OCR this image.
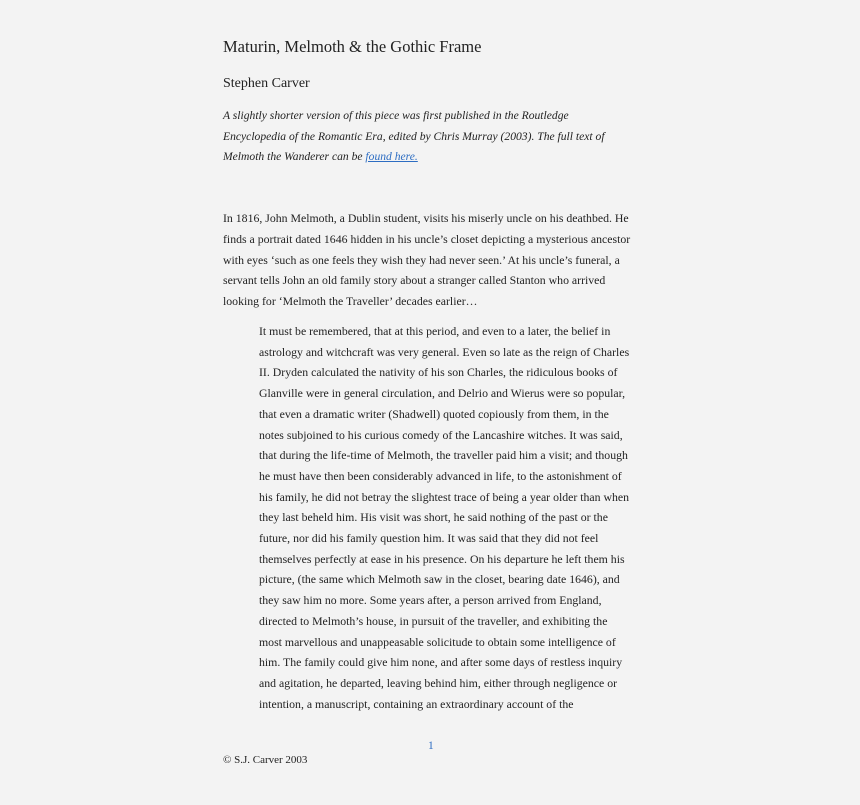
Maturin, Melmoth & the Gothic Frame
Stephen Carver
A slightly shorter version of this piece was first published in the Routledge
Encyclopedia of the Romantic Era, edited by Chris Murray (2003). The full text of
Melmoth the Wanderer can be found here.
In 1816, John Melmoth, a Dublin student, visits his miserly uncle on his deathbed. He
finds a portrait dated 1646 hidden in his uncle’s closet depicting a mysterious ancestor
with eyes ‘such as one feels they wish they had never seen.’ At his uncle’s funeral, a
servant tells John an old family story about a stranger called Stanton who arrived
looking for ‘Melmoth the Traveller’ decades earlier…
It must be remembered, that at this period, and even to a later, the belief in
astrology and witchcraft was very general. Even so late as the reign of Charles
II. Dryden calculated the nativity of his son Charles, the ridiculous books of
Glanville were in general circulation, and Delrio and Wierus were so popular,
that even a dramatic writer (Shadwell) quoted copiously from them, in the
notes subjoined to his curious comedy of the Lancashire witches. It was said,
that during the life-time of Melmoth, the traveller paid him a visit; and though
he must have then been considerably advanced in life, to the astonishment of
his family, he did not betray the slightest trace of being a year older than when
they last beheld him. His visit was short, he said nothing of the past or the
future, nor did his family question him. It was said that they did not feel
themselves perfectly at ease in his presence. On his departure he left them his
picture, (the same which Melmoth saw in the closet, bearing date 1646), and
they saw him no more. Some years after, a person arrived from England,
directed to Melmoth’s house, in pursuit of the traveller, and exhibiting the
most marvellous and unappeasable solicitude to obtain some intelligence of
him. The family could give him none, and after some days of restless inquiry
and agitation, he departed, leaving behind him, either through negligence or
intention, a manuscript, containing an extraordinary account of the
1
© S.J. Carver 2003
